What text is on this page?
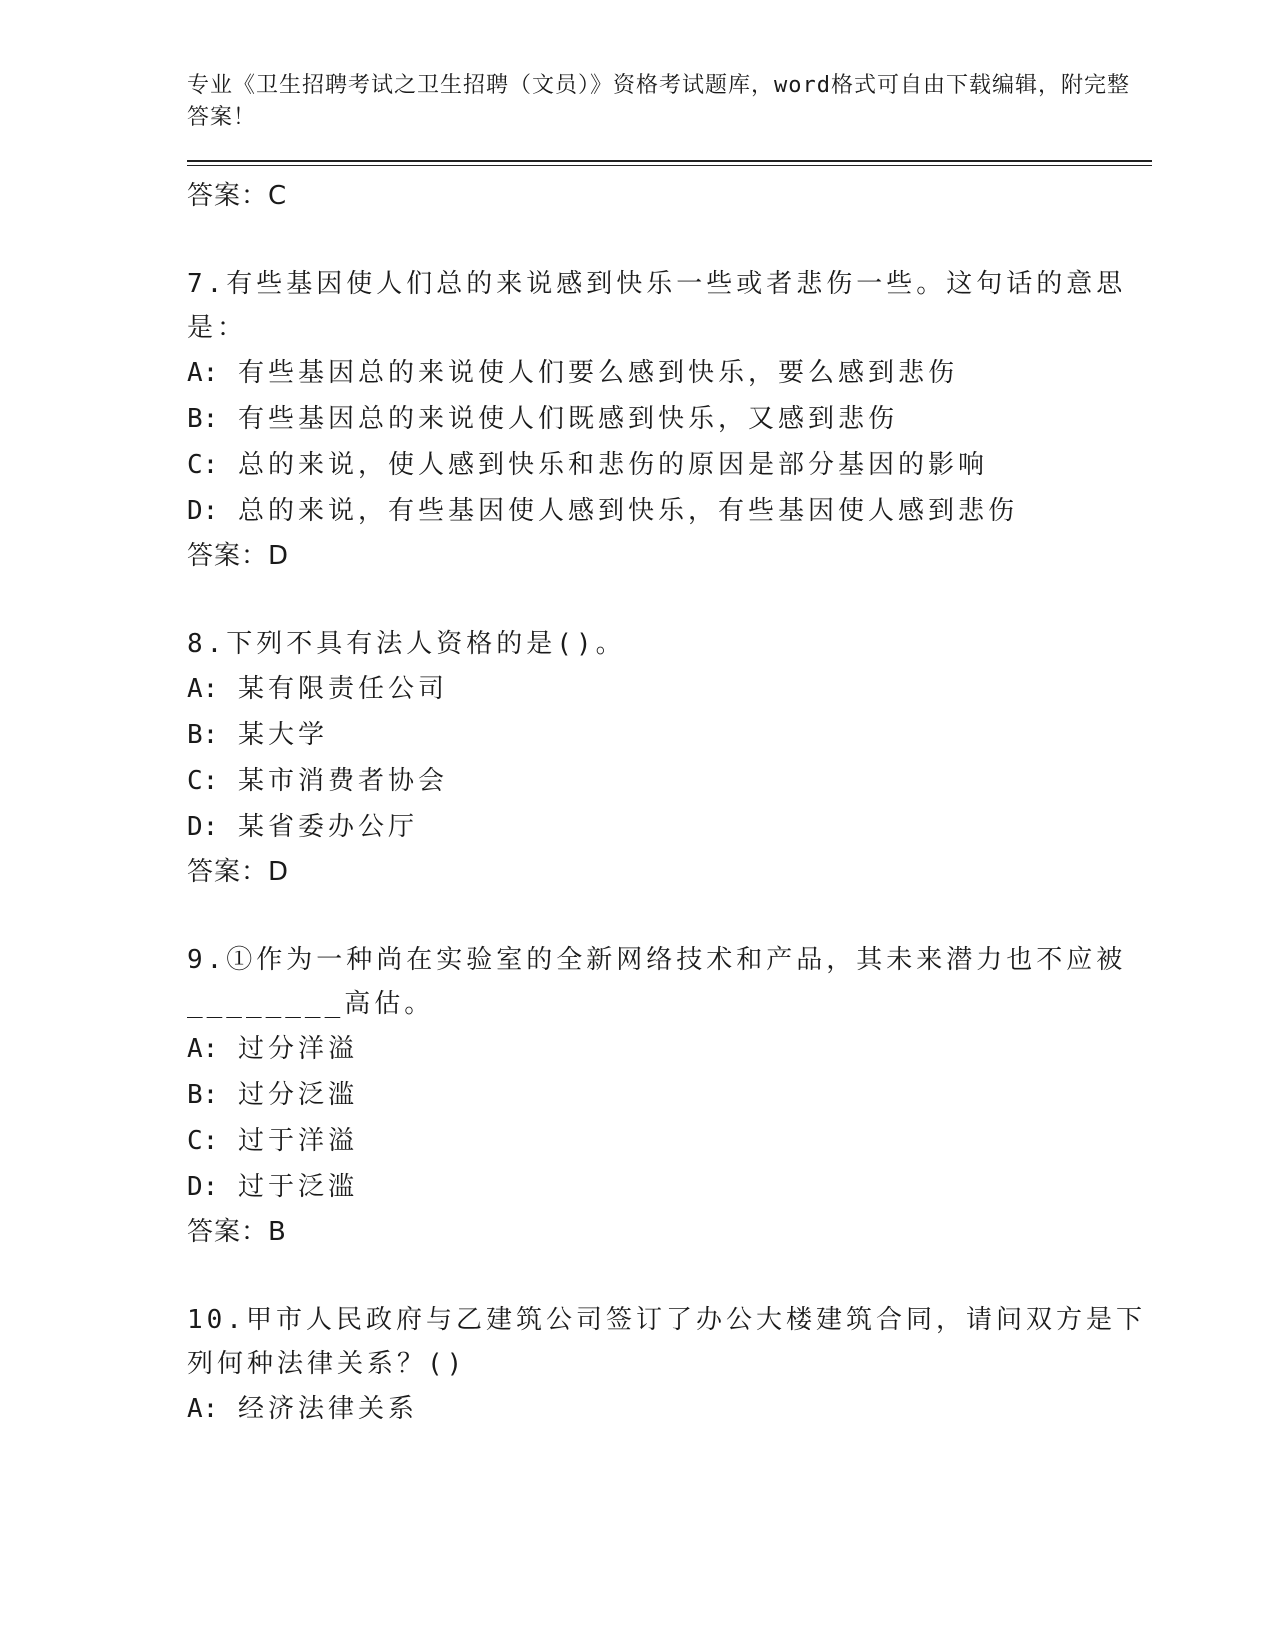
专业《卫生招聘考试之卫生招聘（文员）》资格考试题库，word格式可自由下载编辑，附完整答案！

答案：C

7.有些基因使人们总的来说感到快乐一些或者悲伤一些。这句话的意思是：

A: 有些基因总的来说使人们要么感到快乐，要么感到悲伤

B: 有些基因总的来说使人们既感到快乐，又感到悲伤

C: 总的来说，使人感到快乐和悲伤的原因是部分基因的影响

D: 总的来说，有些基因使人感到快乐，有些基因使人感到悲伤

答案：D

8.下列不具有法人资格的是()。

A: 某有限责任公司

B: 某大学

C: 某市消费者协会

D: 某省委办公厅

答案：D

9.①作为一种尚在实验室的全新网络技术和产品，其未来潜力也不应被________高估。

A: 过分洋溢

B: 过分泛滥

C: 过于洋溢

D: 过于泛滥

答案：B

10.甲市人民政府与乙建筑公司签订了办公大楼建筑合同，请问双方是下列何种法律关系？()

A: 经济法律关系
